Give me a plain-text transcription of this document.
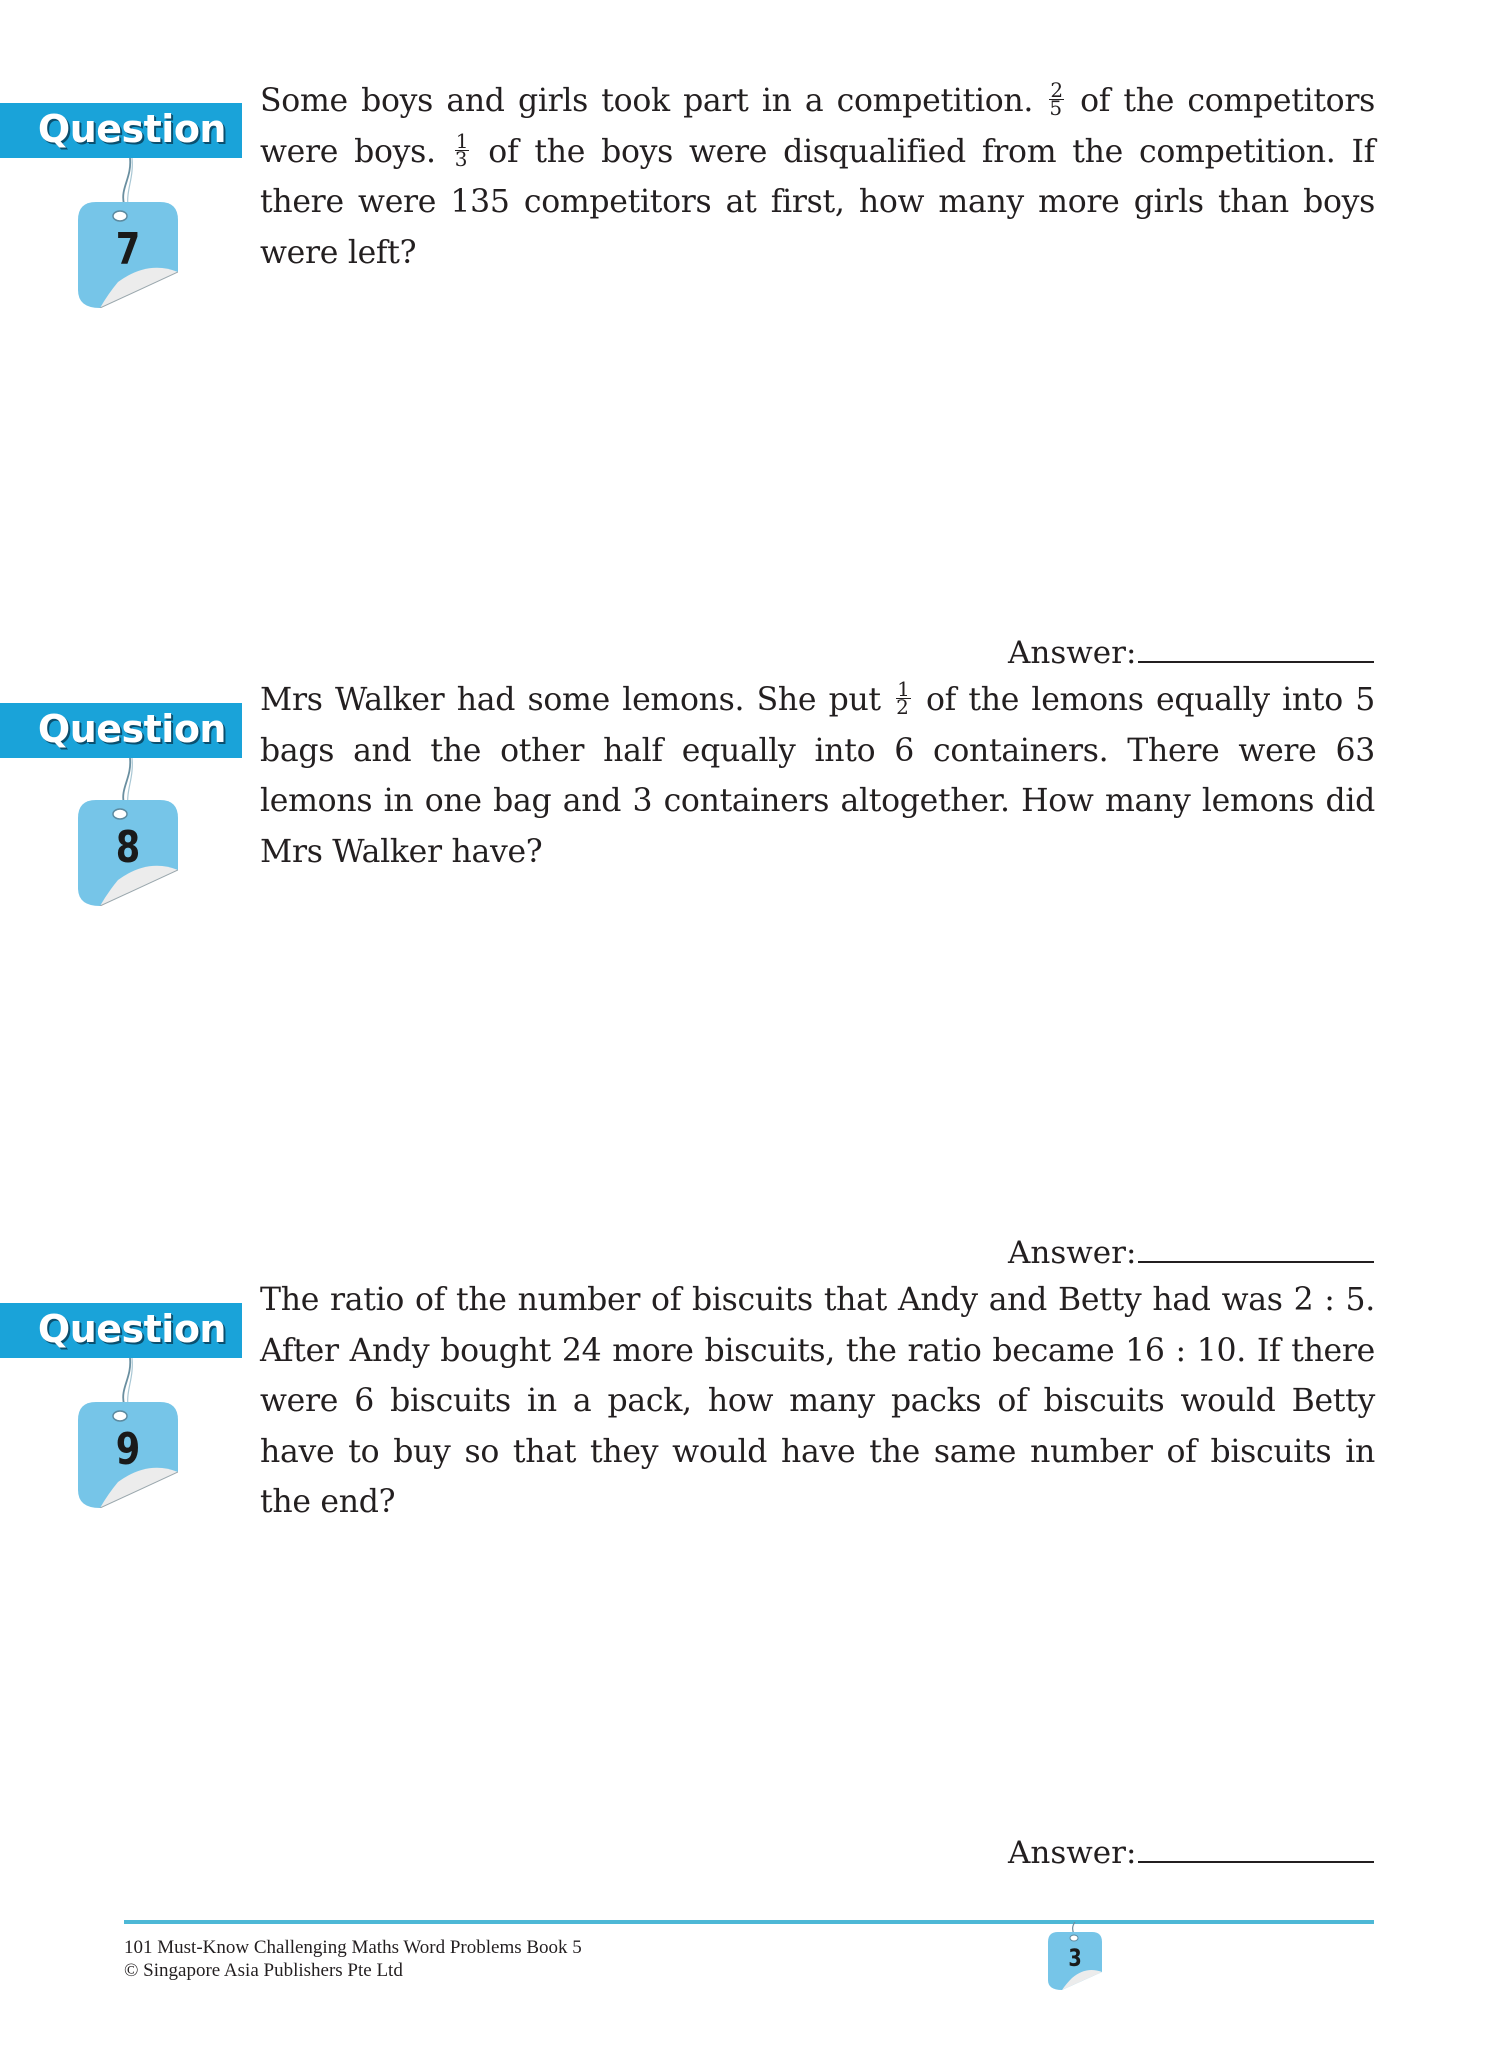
Question
7
Some boys and girls took part in a competition. $\frac{2}{5}$ of the competitors were boys. $\frac{1}{3}$ of the boys were disqualified from the competition. If there were 135 competitors at first, how many more girls than boys were left?
Answer:
Question
8
Mrs Walker had some lemons. She put $\frac{1}{2}$ of the lemons equally into 5 bags and the other half equally into 6 containers. There were 63 lemons in one bag and 3 containers altogether. How many lemons did Mrs Walker have?
Answer:
Question
9
The ratio of the number of biscuits that Andy and Betty had was 2 : 5. After Andy bought 24 more biscuits, the ratio became 16 : 10. If there were 6 biscuits in a pack, how many packs of biscuits would Betty have to buy so that they would have the same number of biscuits in the end?
Answer:
101 Must-Know Challenging Maths Word Problems Book 5
© Singapore Asia Publishers Pte Ltd	3
